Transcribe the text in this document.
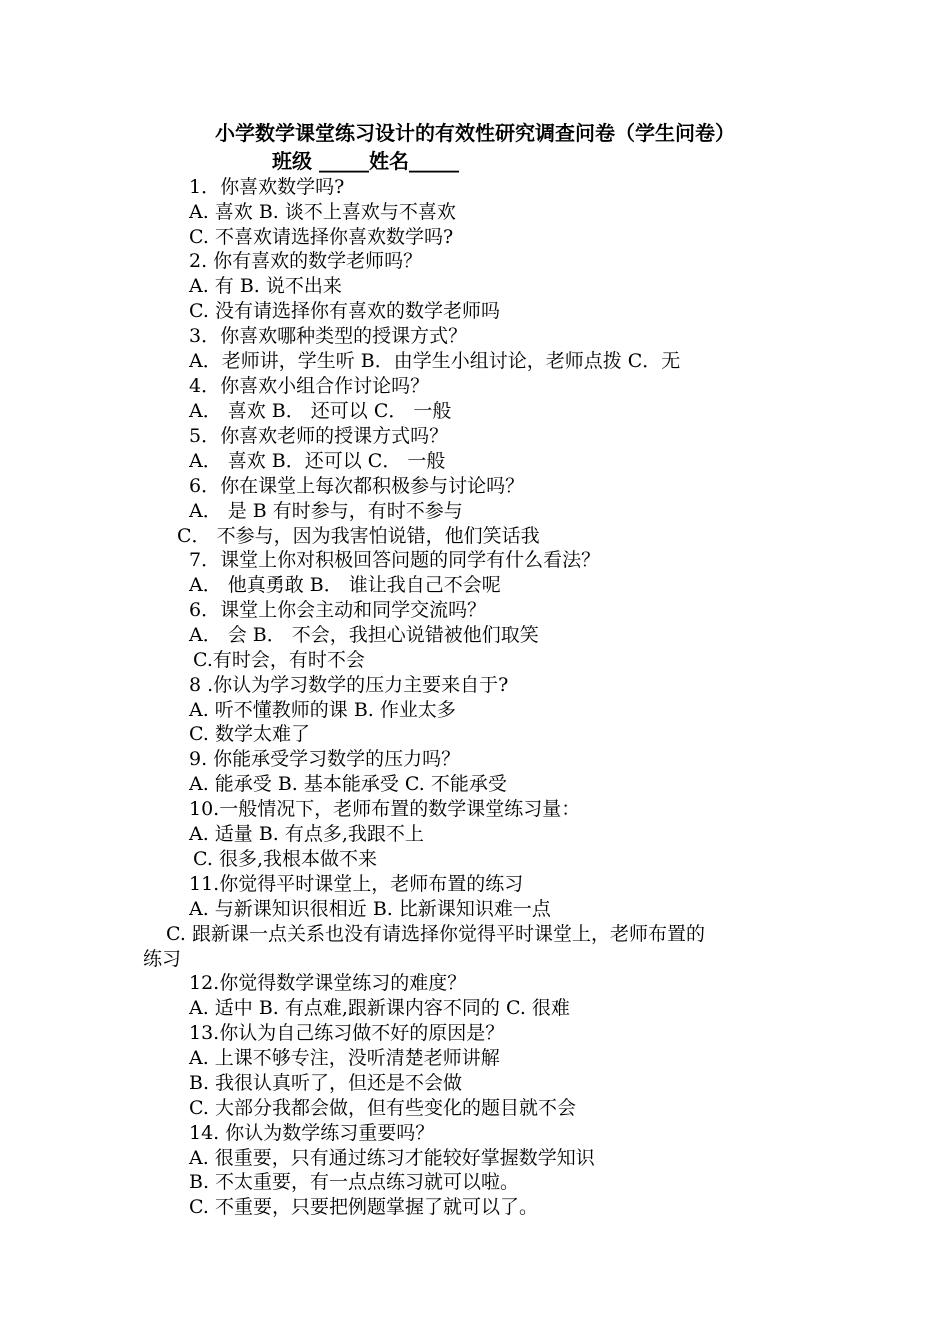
小学数学课堂练习设计的有效性研究调查问卷（学生问卷）
班级 _____姓名_____
1．你喜欢数学吗?
A. 喜欢 B. 谈不上喜欢与不喜欢
C. 不喜欢请选择你喜欢数学吗?
2. 你有喜欢的数学老师吗？
A. 有 B. 说不出来
C. 没有请选择你有喜欢的数学老师吗
3．你喜欢哪种类型的授课方式？
A．老师讲，学生听 B．由学生小组讨论，老师点拨 C．无
4．你喜欢小组合作讨论吗？
A． 喜欢 B． 还可以 C． 一般
5．你喜欢老师的授课方式吗？
A． 喜欢 B．还可以 C． 一般
6．你在课堂上每次都积极参与讨论吗？
A． 是 B 有时参与，有时不参与
C． 不参与，因为我害怕说错，他们笑话我
7．课堂上你对积极回答问题的同学有什么看法？
A． 他真勇敢 B． 谁让我自己不会呢
6．课堂上你会主动和同学交流吗？
A． 会 B． 不会，我担心说错被他们取笑
C.有时会，有时不会
8 .你认为学习数学的压力主要来自于?
A. 听不懂教师的课 B. 作业太多
C. 数学太难了
9. 你能承受学习数学的压力吗？
A. 能承受 B. 基本能承受 C. 不能承受
10.一般情况下，老师布置的数学课堂练习量：
A. 适量 B. 有点多,我跟不上
C. 很多,我根本做不来
11.你觉得平时课堂上，老师布置的练习
A. 与新课知识很相近 B. 比新课知识难一点
C. 跟新课一点关系也没有请选择你觉得平时课堂上，老师布置的
练习
12.你觉得数学课堂练习的难度？
A. 适中 B. 有点难,跟新课内容不同的 C. 很难
13.你认为自己练习做不好的原因是？
A. 上课不够专注，没听清楚老师讲解
B. 我很认真听了，但还是不会做
C. 大部分我都会做，但有些变化的题目就不会
14. 你认为数学练习重要吗？
A. 很重要，只有通过练习才能较好掌握数学知识
B. 不太重要，有一点点练习就可以啦。
C. 不重要，只要把例题掌握了就可以了。
